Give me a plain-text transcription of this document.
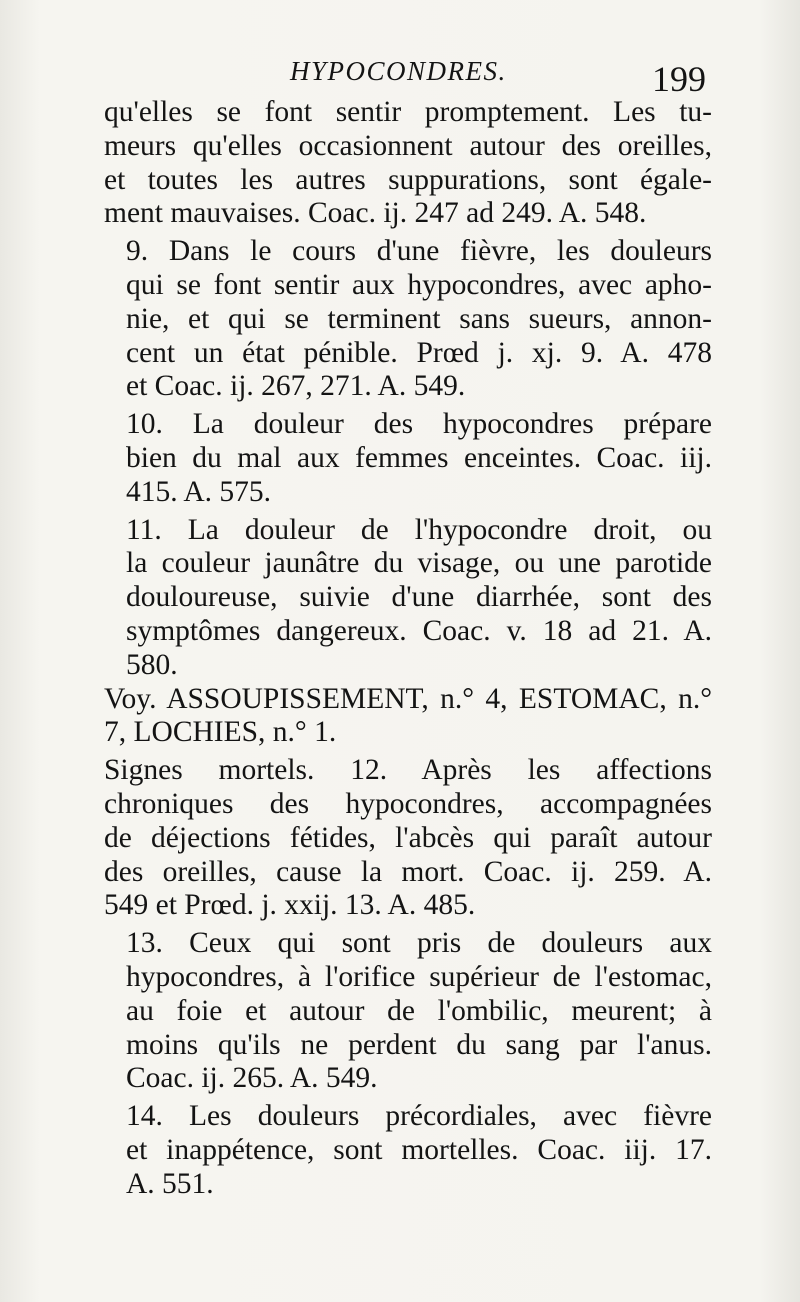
HYPOCONDRES.	199
qu'elles se font sentir promptement. Les tu-
meurs qu'elles occasionnent autour des oreilles,
et toutes les autres suppurations, sont égale-
ment mauvaises. Coac. ij. 247 ad 249. A. 548.
9. Dans le cours d'une fièvre, les douleurs
qui se font sentir aux hypocondres, avec apho-
nie, et qui se terminent sans sueurs, annon-
cent un état pénible. Prœd j. xj. 9. A. 478
et Coac. ij. 267, 271. A. 549.
10. La douleur des hypocondres prépare
bien du mal aux femmes enceintes. Coac. iij.
415. A. 575.
11. La douleur de l'hypocondre droit, ou
la couleur jaunâtre du visage, ou une parotide
douloureuse, suivie d'une diarrhée, sont des
symptômes dangereux. Coac. v. 18 ad 21. A.
580.
Voy. ASSOUPISSEMENT, n.° 4, ESTOMAC, n.°
7, LOCHIES, n.° 1.
Signes mortels. 12. Après les affections
chroniques des hypocondres, accompagnées
de déjections fétides, l'abcès qui paraît autour
des oreilles, cause la mort. Coac. ij. 259. A.
549 et Prœd. j. xxij. 13. A. 485.
13. Ceux qui sont pris de douleurs aux
hypocondres, à l'orifice supérieur de l'estomac,
au foie et autour de l'ombilic, meurent; à
moins qu'ils ne perdent du sang par l'anus.
Coac. ij. 265. A. 549.
14. Les douleurs précordiales, avec fièvre
et inappétence, sont mortelles. Coac. iij. 17.
A. 551.
